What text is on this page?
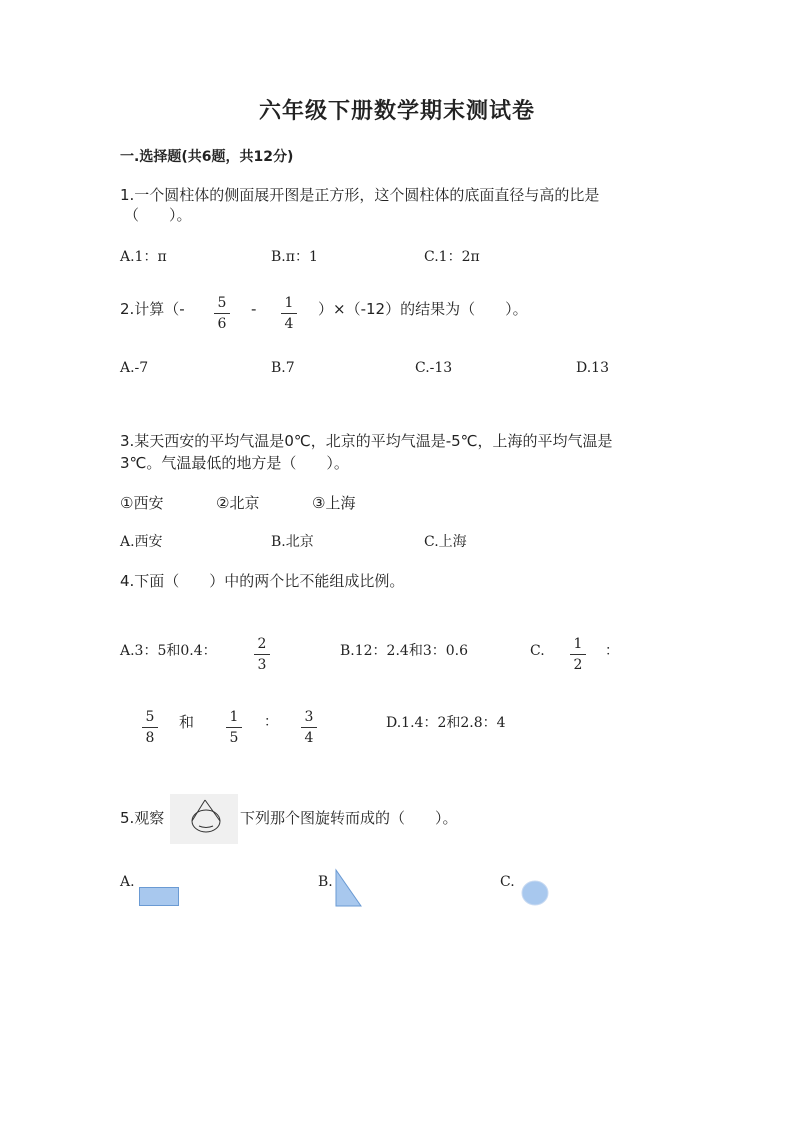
六年级下册数学期末测试卷
一.选择题(共6题，共12分)
1.一个圆柱体的侧面展开图是正方形，这个圆柱体的底面直径与高的比是
（　　）。
A.1：π	B.π：1	C.1：2π
2.计算（-	5
6
-	1
4
）×（-12）的结果为（　　）。
A.-7	B.7	C.-13	D.13
3.某天西安的平均气温是0℃，北京的平均气温是-5℃，上海的平均气温是
3℃。气温最低的地方是（　　）。
①西安	②北京	③上海
A.西安	B.北京	C.上海
4.下面（　　）中的两个比不能组成比例。
A.3：5和0.4：	2
3
B.12：2.4和3：0.6	C.	1
2
：
5
8
和	1
5
：	3
4
D.1.4：2和2.8：4
5.观察	下列那个图旋转而成的（　　）。
A.	B.	C.
